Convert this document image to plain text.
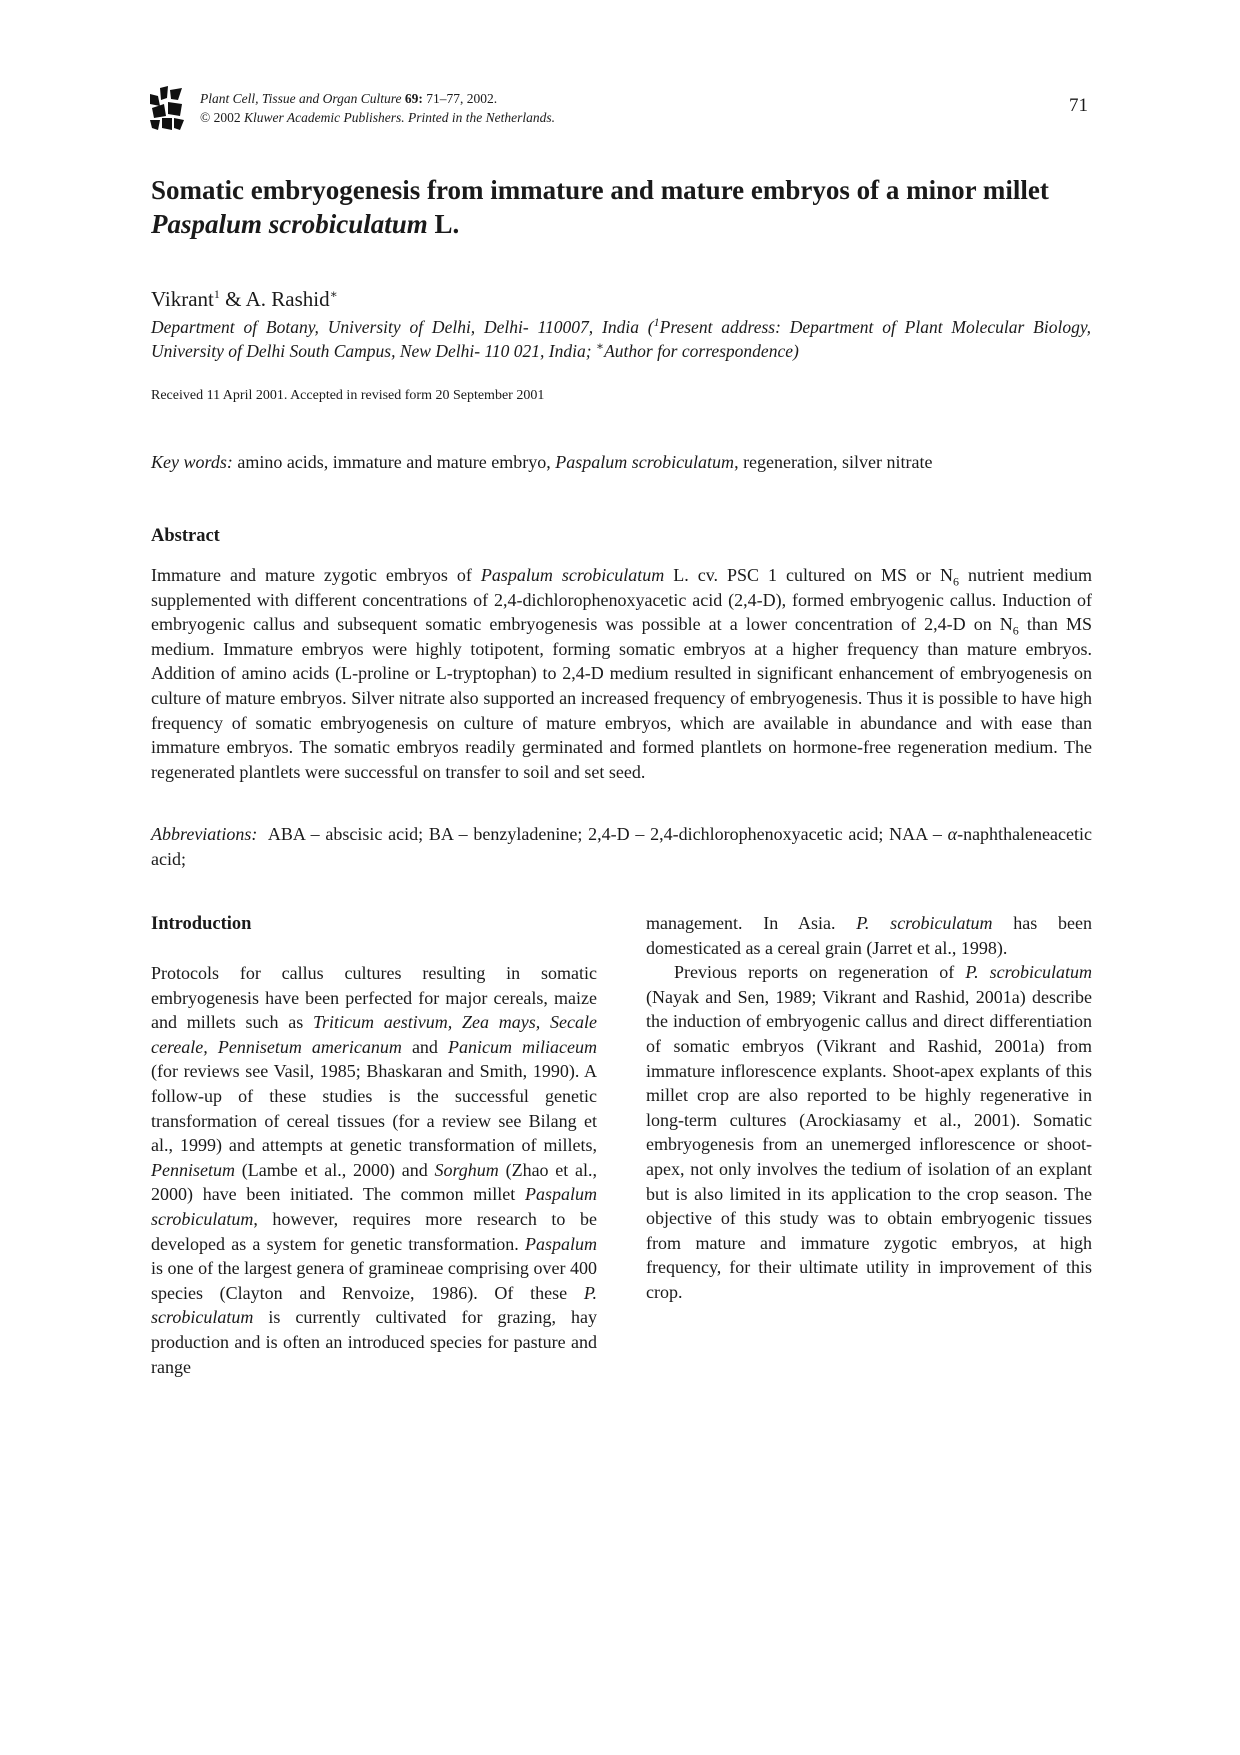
Plant Cell, Tissue and Organ Culture 69: 71–77, 2002.
© 2002 Kluwer Academic Publishers. Printed in the Netherlands.
71
Somatic embryogenesis from immature and mature embryos of a minor millet Paspalum scrobiculatum L.
Vikrant$^1$ & A. Rashid∗
Department of Botany, University of Delhi, Delhi- 110007, India ($^1$Present address: Department of Plant Molecular Biology, University of Delhi South Campus, New Delhi- 110 021, India; ∗Author for correspondence)
Received 11 April 2001. Accepted in revised form 20 September 2001
Key words: amino acids, immature and mature embryo, Paspalum scrobiculatum, regeneration, silver nitrate
Abstract
Immature and mature zygotic embryos of Paspalum scrobiculatum L. cv. PSC 1 cultured on MS or $N_6$ nutrient medium supplemented with different concentrations of 2,4-dichlorophenoxyacetic acid (2,4-D), formed embryogenic callus. Induction of embryogenic callus and subsequent somatic embryogenesis was possible at a lower concentration of 2,4-D on $N_6$ than MS medium. Immature embryos were highly totipotent, forming somatic embryos at a higher frequency than mature embryos. Addition of amino acids (L-proline or L-tryptophan) to 2,4-D medium resulted in significant enhancement of embryogenesis on culture of mature embryos. Silver nitrate also supported an increased frequency of embryogenesis. Thus it is possible to have high frequency of somatic embryogenesis on culture of mature embryos, which are available in abundance and with ease than immature embryos. The somatic embryos readily germinated and formed plantlets on hormone-free regeneration medium. The regenerated plantlets were successful on transfer to soil and set seed.
Abbreviations: ABA – abscisic acid; BA – benzyladenine; 2,4-D – 2,4-dichlorophenoxyacetic acid; NAA – α-naphthaleneacetic acid;
Introduction

Protocols for callus cultures resulting in somatic embryogenesis have been perfected for major cereals, maize and millets such as Triticum aestivum, Zea mays, Secale cereale, Pennisetum americanum and Panicum miliaceum (for reviews see Vasil, 1985; Bhaskaran and Smith, 1990). A follow-up of these studies is the successful genetic transformation of cereal tissues (for a review see Bilang et al., 1999) and attempts at genetic transformation of millets, Pennisetum (Lambe et al., 2000) and Sorghum (Zhao et al., 2000) have been initiated. The common millet Paspalum scrobiculatum, however, requires more research to be developed as a system for genetic transformation. Paspalum is one of the largest genera of gramineae comprising over 400 species (Clayton and Renvoize, 1986). Of these P. scrobiculatum is currently cultivated for grazing, hay production and is often an introduced species for pasture and range

management. In Asia. P. scrobiculatum has been domesticated as a cereal grain (Jarret et al., 1998).

Previous reports on regeneration of P. scrobiculatum (Nayak and Sen, 1989; Vikrant and Rashid, 2001a) describe the induction of embryogenic callus and direct differentiation of somatic embryos (Vikrant and Rashid, 2001a) from immature inflorescence explants. Shoot-apex explants of this millet crop are also reported to be highly regenerative in long-term cultures (Arockiasamy et al., 2001). Somatic embryogenesis from an unemerged inflorescence or shoot-apex, not only involves the tedium of isolation of an explant but is also limited in its application to the crop season. The objective of this study was to obtain embryogenic tissues from mature and immature zygotic embryos, at high frequency, for their ultimate utility in improvement of this crop.
